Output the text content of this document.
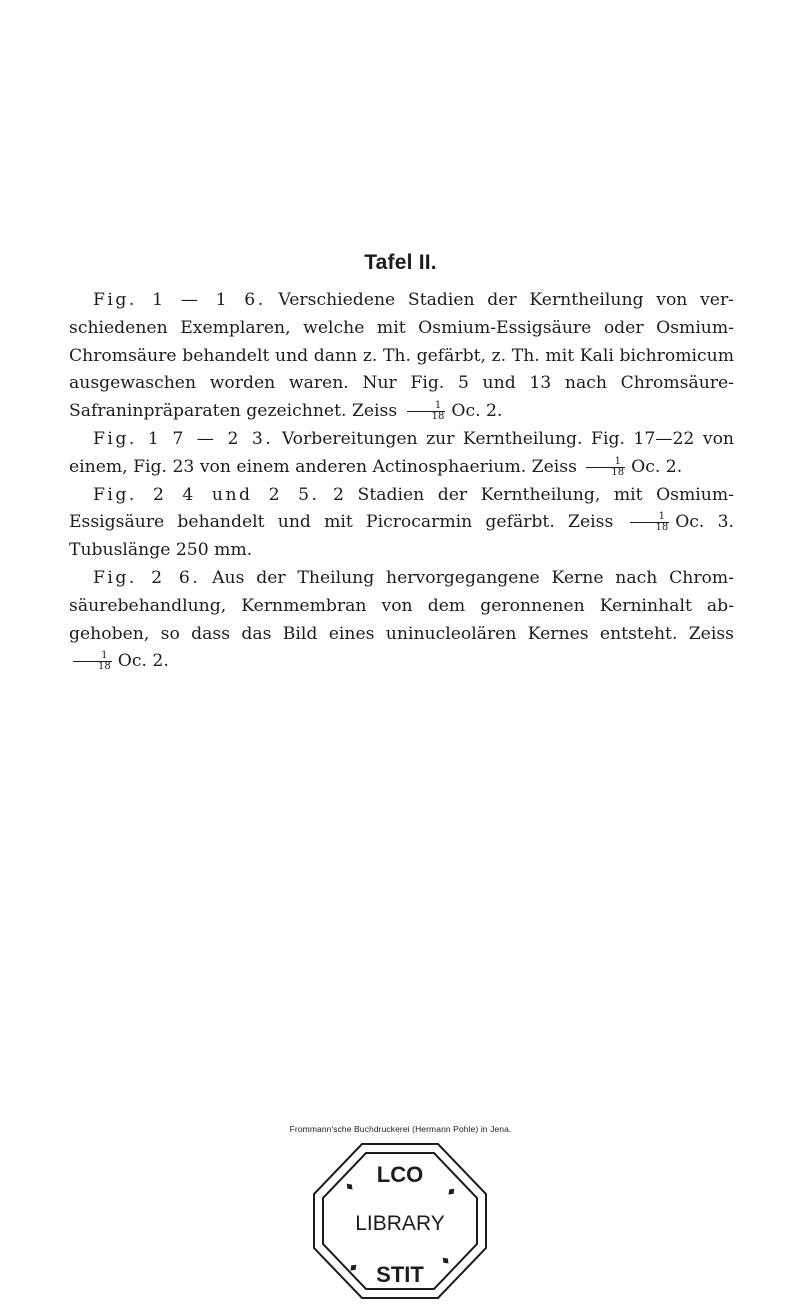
Tafel II.

Fig. 1 — 1 6. Verschiedene Stadien der Kerntheilung von verschiedenen Exemplaren, welche mit Osmium-Essigsäure oder Osmium-Chromsäure behandelt und dann z. Th. gefärbt, z. Th. mit Kali bichromicum ausgewaschen worden waren. Nur Fig. 5 und 13 nach Chromsäure-Safraninpräparaten gezeichnet. Zeiss $\frac{1}{18} Oc$. 2.

Fig. 1 7 — 2 3. Vorbereitungen zur Kerntheilung. Fig. 17—22 von einem, Fig. 23 von einem anderen Actinosphaerium. Zeiss $\frac{1}{18} Oc$. 2.

Fig. 2 4 und 2 5. 2 Stadien der Kerntheilung, mit Osmium-Essigsäure behandelt und mit Picrocarmin gefärbt. Zeiss $\frac{1}{18} Oc$. 3. Tubuslänge 250 mm.

Fig. 2 6. Aus der Theilung hervorgegangene Kerne nach Chromsäurebehandlung, Kernmembran von dem geronnenen Kerninhalt abgehoben, so dass das Bild eines uninucleolären Kernes entsteht. Zeiss
$\frac{1}{18} Oc$. 2.

Frommann'sche Buchdruckerei (Hermann Pohle) in Jena.
LCO
LIBRARY
STIT
♦	♦
♦	♦
